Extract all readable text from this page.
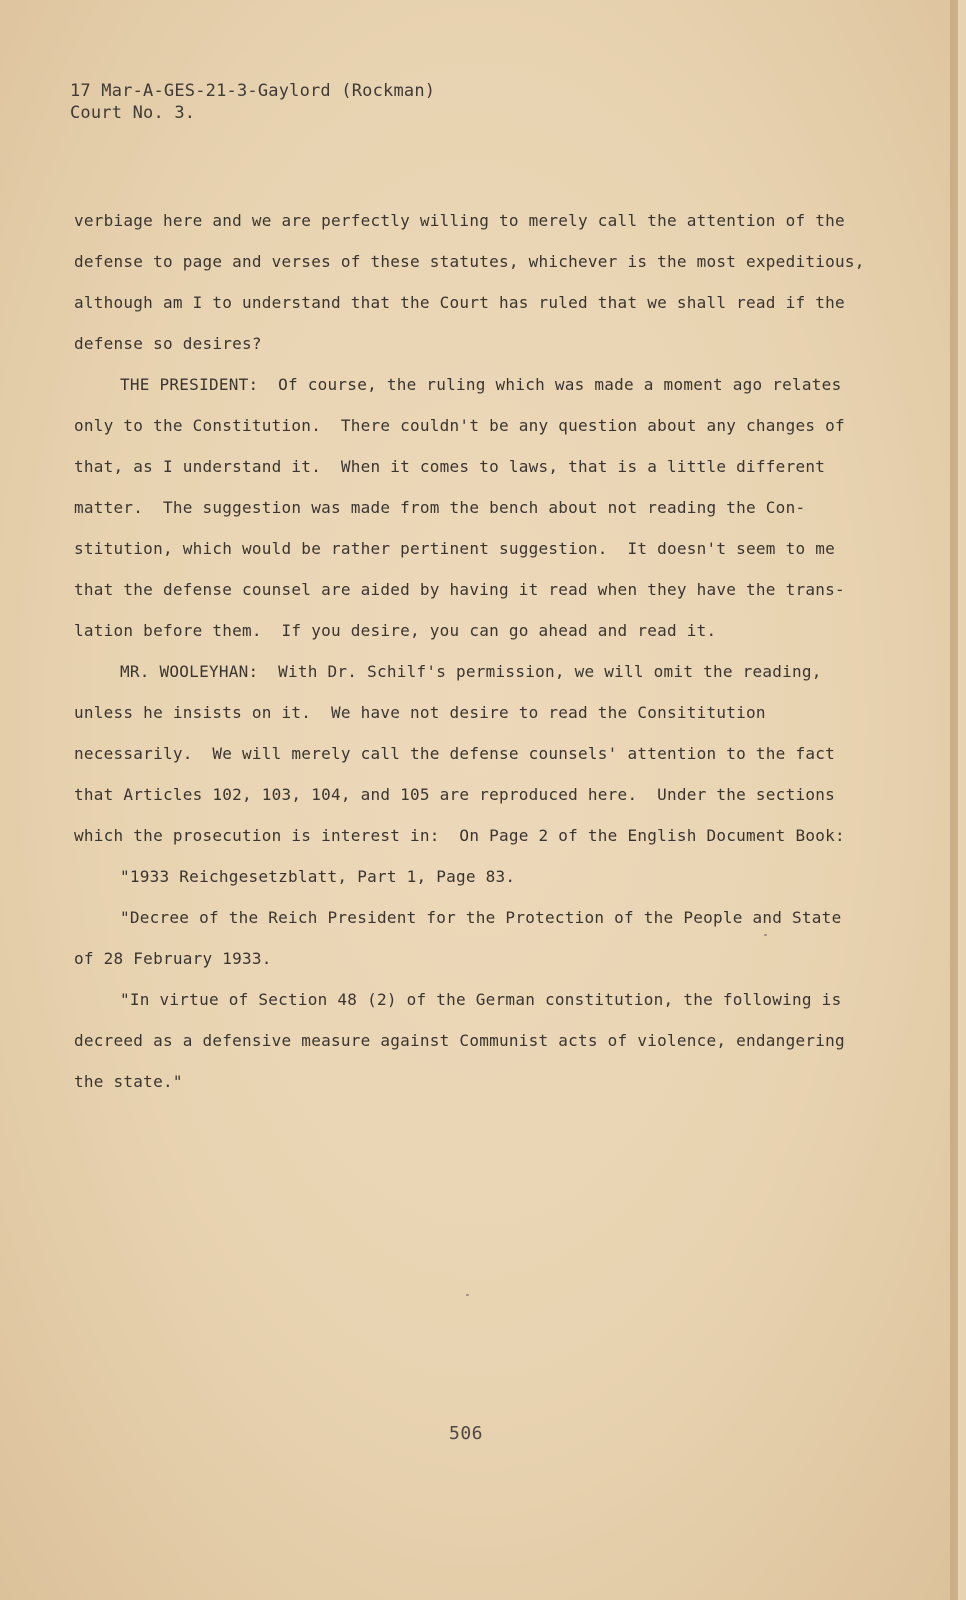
17 Mar-A-GES-21-3-Gaylord (Rockman)
Court No. 3.
verbiage here and we are perfectly willing to merely call the attention of the
defense to page and verses of these statutes, whichever is the most expeditious,
although am I to understand that the Court has ruled that we shall read if the
defense so desires?
THE PRESIDENT:  Of course, the ruling which was made a moment ago relates
only to the Constitution.  There couldn't be any question about any changes of
that, as I understand it.  When it comes to laws, that is a little different
matter.  The suggestion was made from the bench about not reading the Con-
stitution, which would be rather pertinent suggestion.  It doesn't seem to me
that the defense counsel are aided by having it read when they have the trans-
lation before them.  If you desire, you can go ahead and read it.
MR. WOOLEYHAN:  With Dr. Schilf's permission, we will omit the reading,
unless he insists on it.  We have not desire to read the Consititution
necessarily.  We will merely call the defense counsels' attention to the fact
that Articles 102, 103, 104, and 105 are reproduced here.  Under the sections
which the prosecution is interest in:  On Page 2 of the English Document Book:
"1933 Reichgesetzblatt, Part 1, Page 83.
"Decree of the Reich President for the Protection of the People and State
of 28 February 1933.
"In virtue of Section 48 (2) of the German constitution, the following is
decreed as a defensive measure against Communist acts of violence, endangering
the state."
506
